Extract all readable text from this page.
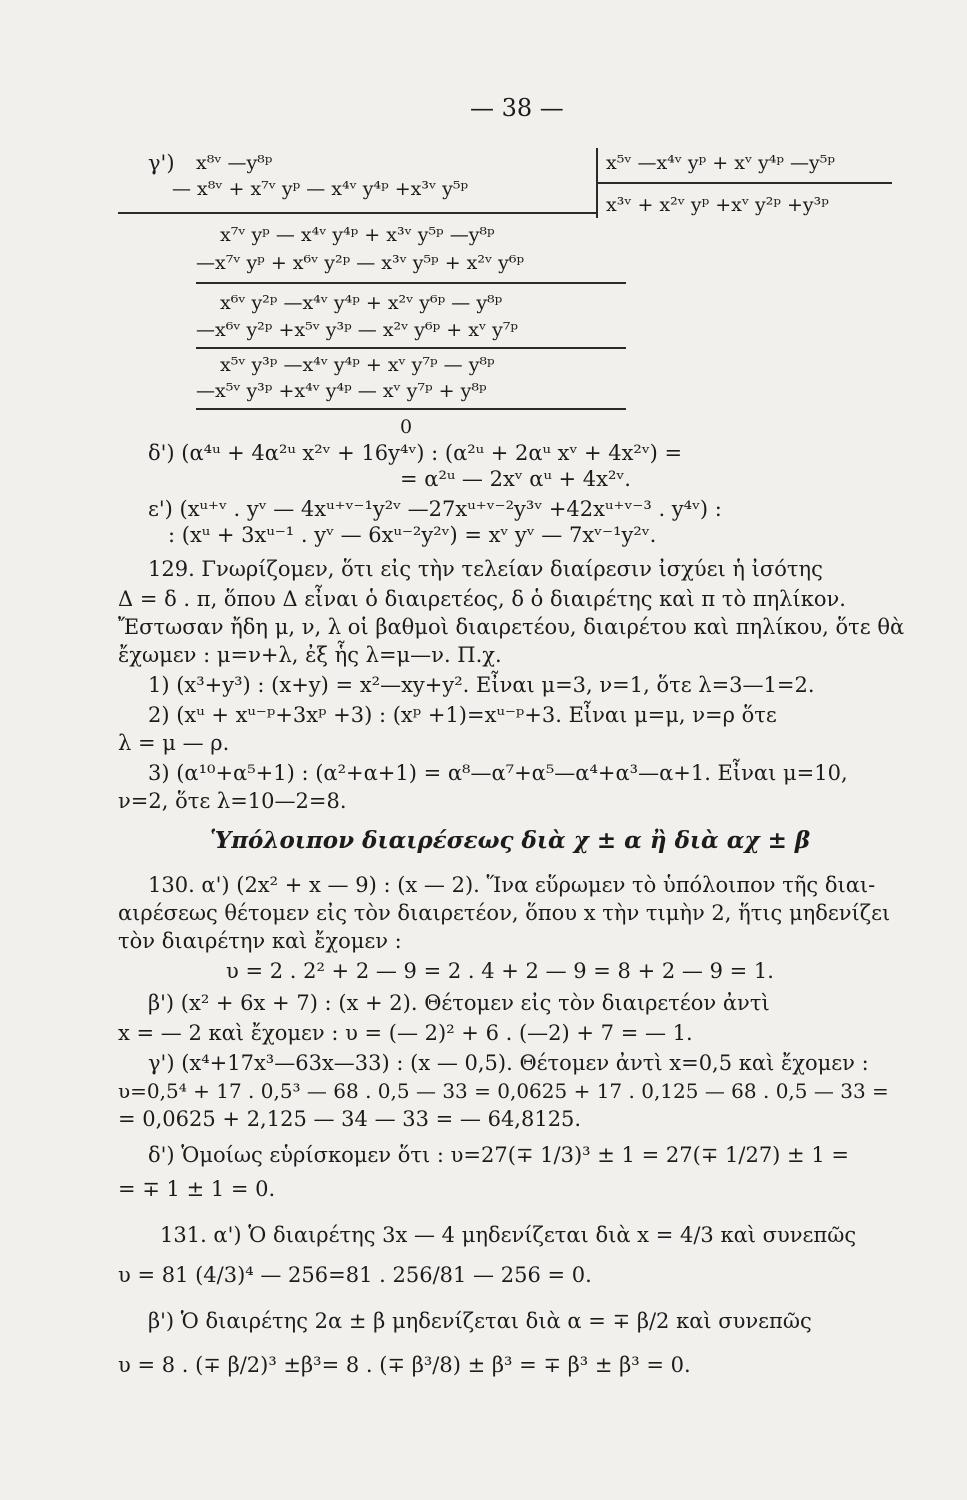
— 38 —
γ') x⁸ᵛ —y⁸ᵖ
— x⁸ᵛ + x⁷ᵛ yᵖ — x⁴ᵛ y⁴ᵖ +x³ᵛ y⁵ᵖ
x⁵ᵛ —x⁴ᵛ yᵖ + xᵛ y⁴ᵖ —y⁵ᵖ
x³ᵛ + x²ᵛ yᵖ +xᵛ y²ᵖ +y³ᵖ
x⁷ᵛ yᵖ — x⁴ᵛ y⁴ᵖ + x³ᵛ y⁵ᵖ —y⁸ᵖ
—x⁷ᵛ yᵖ + x⁶ᵛ y²ᵖ — x³ᵛ y⁵ᵖ + x²ᵛ y⁶ᵖ
x⁶ᵛ y²ᵖ —x⁴ᵛ y⁴ᵖ + x²ᵛ y⁶ᵖ — y⁸ᵖ
—x⁶ᵛ y²ᵖ +x⁵ᵛ y³ᵖ — x²ᵛ y⁶ᵖ + xᵛ y⁷ᵖ
x⁵ᵛ y³ᵖ —x⁴ᵛ y⁴ᵖ + xᵛ y⁷ᵖ — y⁸ᵖ
—x⁵ᵛ y³ᵖ +x⁴ᵛ y⁴ᵖ — xᵛ y⁷ᵖ + y⁸ᵖ
0
δ') (α⁴ᵘ + 4α²ᵘ x²ᵛ + 16y⁴ᵛ) : (α²ᵘ + 2αᵘ xᵛ + 4x²ᵛ) =
= α²ᵘ — 2xᵛ αᵘ + 4x²ᵛ.
ε') (xᵘ⁺ᵛ . yᵛ — 4xᵘ⁺ᵛ⁻¹y²ᵛ —27xᵘ⁺ᵛ⁻²y³ᵛ +42xᵘ⁺ᵛ⁻³ . y⁴ᵛ) :
: (xᵘ + 3xᵘ⁻¹ . yᵛ — 6xᵘ⁻²y²ᵛ) = xᵛ yᵛ — 7xᵛ⁻¹y²ᵛ.
129. Γνωρίζομεν, ὅτι εἰς τὴν τελείαν διαίρεσιν ἰσχύει ἡ ἰσότης
Δ = δ . π, ὅπου Δ εἶναι ὁ διαιρετέος, δ ὁ διαιρέτης καὶ π τὸ πηλίκον.
Ἔστωσαν ἤδη μ, ν, λ οἱ βαθμοὶ διαιρετέου, διαιρέτου καὶ πηλίκου, ὅτε θὰ
ἔχωμεν : μ=ν+λ, ἐξ ἧς λ=μ—ν. Π.χ.
1) (x³+y³) : (x+y) = x²—xy+y². Εἶναι μ=3, ν=1, ὅτε λ=3—1=2.
2) (xᵘ + xᵘ⁻ᵖ+3xᵖ +3) : (xᵖ +1)=xᵘ⁻ᵖ+3. Εἶναι μ=μ, ν=ρ ὅτε
λ = μ — ρ.
3) (α¹⁰+α⁵+1) : (α²+α+1) = α⁸—α⁷+α⁵—α⁴+α³—α+1. Εἶναι μ=10,
ν=2, ὅτε λ=10—2=8.
Ὑπόλοιπον διαιρέσεως διὰ χ ± α ἢ διὰ αχ ± β
130. α') (2x² + x — 9) : (x — 2). Ἵνα εὕρωμεν τὸ ὑπόλοιπον τῆς διαι-
αιρέσεως θέτομεν εἰς τὸν διαιρετέον, ὅπου x τὴν τιμὴν 2, ἥτις μηδενίζει
τὸν διαιρέτην καὶ ἔχομεν :
υ = 2 . 2² + 2 — 9 = 2 . 4 + 2 — 9 = 8 + 2 — 9 = 1.
β') (x² + 6x + 7) : (x + 2). Θέτομεν εἰς τὸν διαιρετέον ἀντὶ
x = — 2 καὶ ἔχομεν : υ = (— 2)² + 6 . (—2) + 7 = — 1.
γ') (x⁴+17x³—63x—33) : (x — 0,5). Θέτομεν ἀντὶ x=0,5 καὶ ἔχομεν :
υ=0,5⁴ + 17 . 0,5³ — 68 . 0,5 — 33 = 0,0625 + 17 . 0,125 — 68 . 0,5 — 33 =
= 0,0625 + 2,125 — 34 — 33 = — 64,8125.
δ') Ὁμοίως εὑρίσκομεν ὅτι : υ=27(∓ 1/3)³ ± 1 = 27(∓ 1/27) ± 1 =
= ∓ 1 ± 1 = 0.
131. α') Ὁ διαιρέτης 3x — 4 μηδενίζεται διὰ x = 4/3 καὶ συνεπῶς
υ = 81 (4/3)⁴ — 256=81 . 256/81 — 256 = 0.
β') Ὁ διαιρέτης 2α ± β μηδενίζεται διὰ α = ∓ β/2 καὶ συνεπῶς
υ = 8 . (∓ β/2)³ ±β³= 8 . (∓ β³/8) ± β³ = ∓ β³ ± β³ = 0.
